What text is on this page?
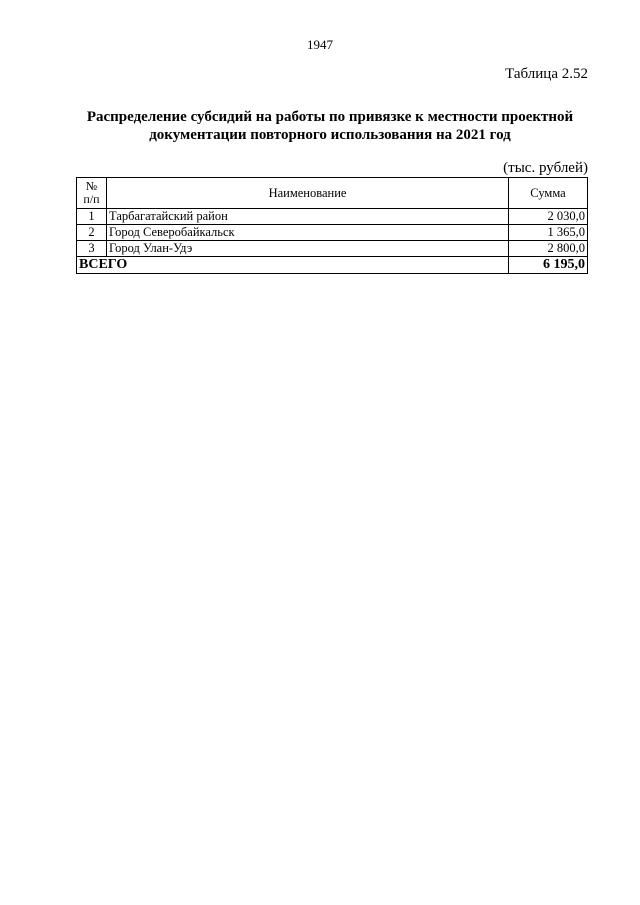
1947
Таблица 2.52
Распределение субсидий на работы по привязке к местности проектной документации повторного использования на 2021 год
(тыс. рублей)
№
п/п	Наименование	Сумма
1	Тарбагатайский район	2 030,0
2	Город Северобайкальск	1 365,0
3	Город Улан-Удэ	2 800,0
ВСЕГО		6 195,0
